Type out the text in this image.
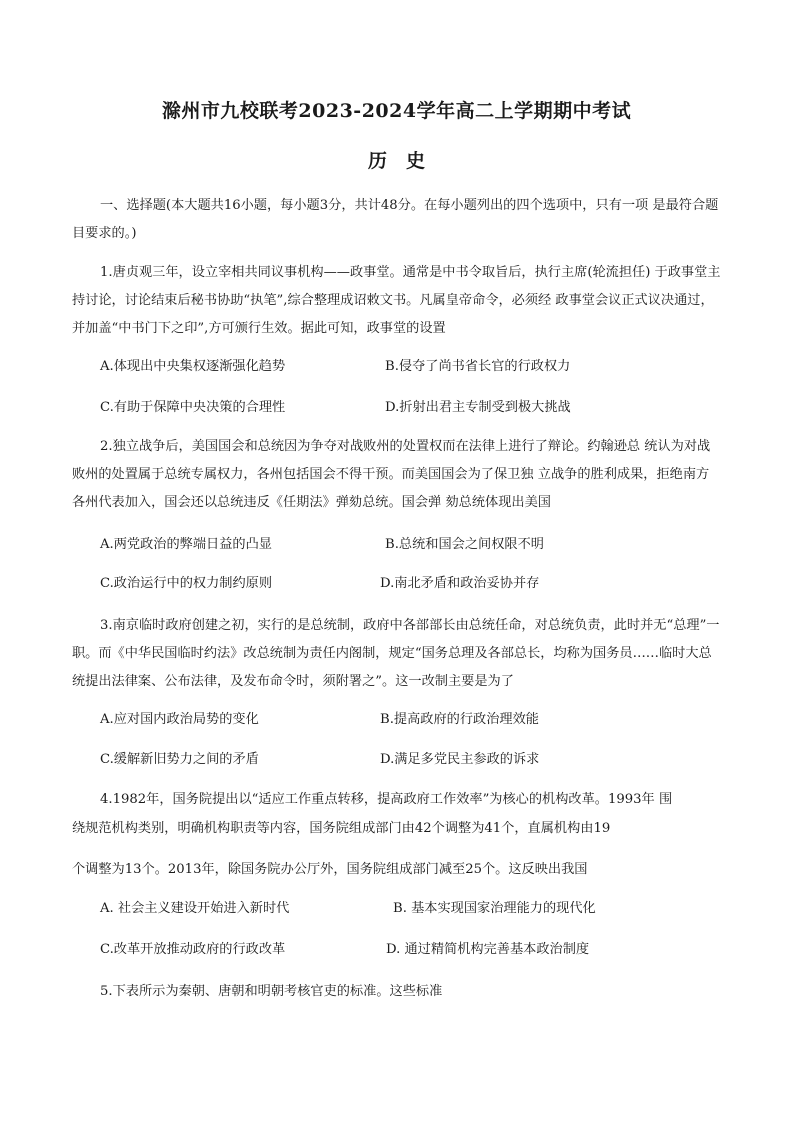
滁州市九校联考2023-2024学年高二上学期期中考试
历　史

一、选择题(本大题共16小题，每小题3分，共计48分。在每小题列出的四个选项中，只有一项 是最符合题目要求的。)

1.唐贞观三年，设立宰相共同议事机构——政事堂。通常是中书令取旨后，执行主席(轮流担任) 于政事堂主持讨论，讨论结束后秘书协助“执笔”,综合整理成诏敕文书。凡属皇帝命令，必须经 政事堂会议正式议决通过，并加盖“中书门下之印”,方可颁行生效。据此可知，政事堂的设置

A.体现出中央集权逐渐强化趋势	B.侵夺了尚书省长官的行政权力
C.有助于保障中央决策的合理性	D.折射出君主专制受到极大挑战

2.独立战争后，美国国会和总统因为争夺对战败州的处置权而在法律上进行了辩论。约翰逊总 统认为对战败州的处置属于总统专属权力，各州包括国会不得干预。而美国国会为了保卫独 立战争的胜利成果，拒绝南方各州代表加入，国会还以总统违反《任期法》弹劾总统。国会弹 劾总统体现出美国

A.两党政治的弊端日益的凸显	B.总统和国会之间权限不明
C.政治运行中的权力制约原则	D.南北矛盾和政治妥协并存

3.南京临时政府创建之初，实行的是总统制，政府中各部部长由总统任命，对总统负责，此时并无“总理”一职。而《中华民国临时约法》改总统制为责任内阁制，规定“国务总理及各部总长，均称为国务员……临时大总统提出法律案、公布法律，及发布命令时，须附署之”。这一改制主要是为了

A.应对国内政治局势的变化	B.提高政府的行政治理效能
C.缓解新旧势力之间的矛盾	D.满足多党民主参政的诉求
4.1982年，国务院提出以“适应工作重点转移，提高政府工作效率”为核心的机构改革。1993年 围
绕规范机构类别，明确机构职责等内容，国务院组成部门由42个调整为41个，直属机构由19
个调整为13个。2013年，除国务院办公厅外，国务院组成部门减至25个。这反映出我国
A. 社会主义建设开始进入新时代	B. 基本实现国家治理能力的现代化
C.改革开放推动政府的行政改革	D. 通过精简机构完善基本政治制度
5.下表所示为秦朝、唐朝和明朝考核官吏的标准。这些标准
